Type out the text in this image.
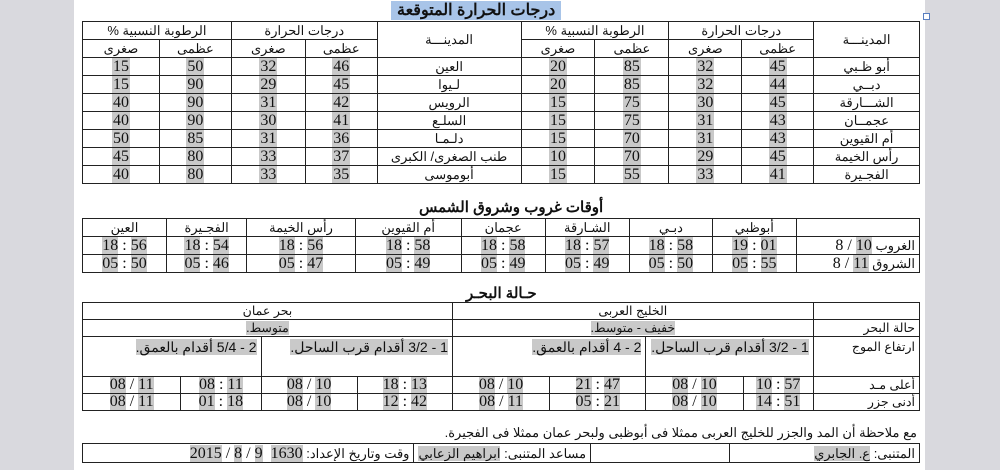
درجات الحرارة المتوقعة
المدينـــة	درجات الحرارة		الرطوبة النسبية %		المدينـــة	درجات الحرارة		الرطوبة النسبية %	
	عظمى	صغرى	عظمى	صغرى		عظمى	صغرى	عظمى	صغرى
أبو ظـبي	45	32	85	20	العين	46	32	50	15
دبــي	44	32	85	20	لـيوا	45	29	90	15
الشـــارقة	45	30	75	15	الرويس	42	31	90	40
عجمــان	43	31	75	15	السلـع	41	30	90	40
أم القيوين	43	31	70	15	دلـمـا	36	31	85	50
رأس الخيمة	45	29	70	10	طنب الصغرى/ الكبرى	37	33	80	45
الفجـيرة	41	33	55	15	أبوموسى	35	33	80	40
أوقات غروب وشروق الشمس
	أبوظبي	دبـي	الشـارقة	عجمان	أم القيوين	رأس الخيمة	الفجـيرة	العين
الغروب 8 / 10	19 : 01	18 : 58	18 : 57	18 : 58	18 : 58	18 : 56	18 : 54	18 : 56
الشروق 8 / 11	05 : 55	05 : 50	05 : 49	05 : 49	05 : 49	05 : 47	05 : 46	05 : 50
حـالة البحـر
	الخليج العربى				بحر عمان			
حالة البحر	خفيف - متوسط.				متوسط.			
ارتفاع الموج	1 - 3/2 أقدام قرب الساحل.		2 - 4 أقدام بالعمق.		1 - 3/2 أقدام قرب الساحل.		2 - 5/4 أقدام بالعمق.	
أعلى مـد	10 : 57	08 / 10	21 : 47	08 / 10	18 : 13	08 / 10	08 : 11	08 / 11
أدنى جزر	14 : 51	08 / 10	05 : 21	08 / 11	12 : 42	08 / 10	01 : 18	08 / 11
مع ملاحظة أن المد والجزر للخليج العربى ممثلا فى أبوظبى ولبحر عمان ممثلا فى الفجيرة.
المتنبى: ع. الجابري		مساعد المتنبى: ابراهيم الزعابي	وقت وتاريخ الإعداد: 2015 / 8 / 9 1630
